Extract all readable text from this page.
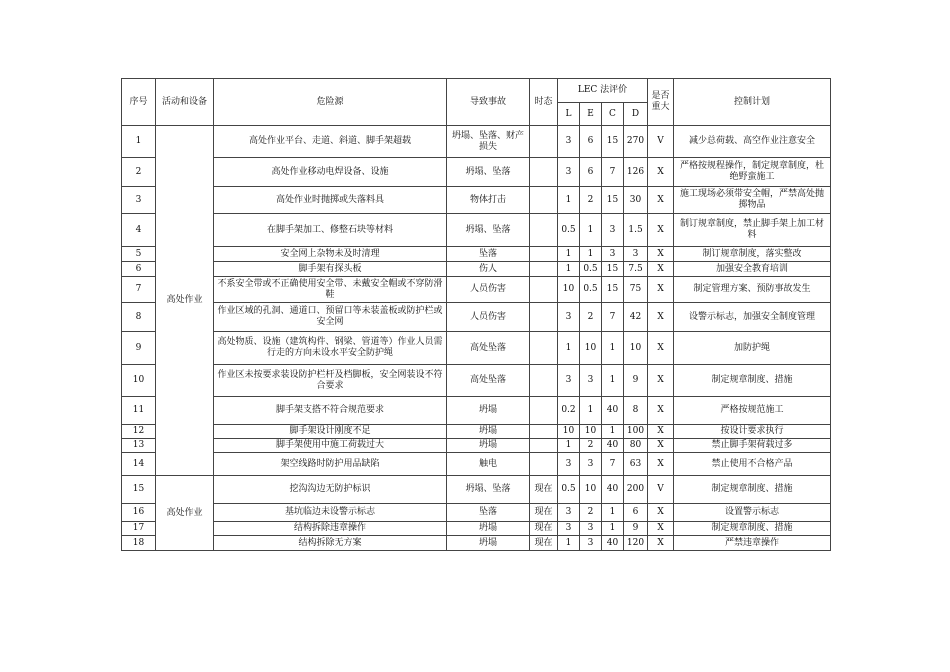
序号	活动和设备	危险源	导致事故	时态	LEC 法评价				是否重大	控制计划
					L	E	C	D		
1	高处作业	高处作业平台、走道、斜道、脚手架超载	坍塌、坠落、财产损失		3	6	15	270	V	减少总荷载、高空作业注意安全
2		高处作业移动电焊设备、设施	坍塌、坠落		3	6	7	126	X	严格按规程操作，制定规章制度，杜绝野蛮施工
3		高处作业时抛掷或失落料具	物体打击		1	2	15	30	X	施工现场必须带安全帽，严禁高处抛掷物品
4		在脚手架加工、修整石块等材料	坍塌、坠落		0.5	1	3	1.5	X	制订规章制度，禁止脚手架上加工材料
5		安全网上杂物未及时清理	坠落		1	1	3	3	X	制订规章制度，落实整改
6		脚手架有探头板	伤人		1	0.5	15	7.5	X	加强安全教育培训
7		不系安全带或不正确使用安全带、未戴安全帽或不穿防滑鞋	人员伤害		10	0.5	15	75	X	制定管理方案、预防事故发生
8		作业区域的孔洞、通道口、预留口等未装盖板或防护栏或安全网	人员伤害		3	2	7	42	X	设警示标志，加强安全制度管理
9		高处物质、设施（建筑构件、钢梁、管道等）作业人员需行走的方向未设水平安全防护绳	高处坠落		1	10	1	10	X	加防护绳
10		作业区未按要求装设防护栏杆及档脚板，安全网装设不符合要求	高处坠落		3	3	1	9	X	制定规章制度、措施
11		脚手架支搭不符合规范要求	坍塌		0.2	1	40	8	X	严格按规范施工
12		脚手架设计刚度不足	坍塌		10	10	1	100	X	按设计要求执行
13		脚手架使用中施工荷载过大	坍塌		1	2	40	80	X	禁止脚手架荷载过多
14		架空线路时防护用品缺陷	触电		3	3	7	63	X	禁止使用不合格产品
15	高处作业	挖沟沟边无防护标识	坍塌、坠落	现在	0.5	10	40	200	V	制定规章制度、措施
16		基坑临边未设警示标志	坠落	现在	3	2	1	6	X	设置警示标志
17		结构拆除违章操作	坍塌	现在	3	3	1	9	X	制定规章制度、措施
18		结构拆除无方案	坍塌	现在	1	3	40	120	X	严禁违章操作
